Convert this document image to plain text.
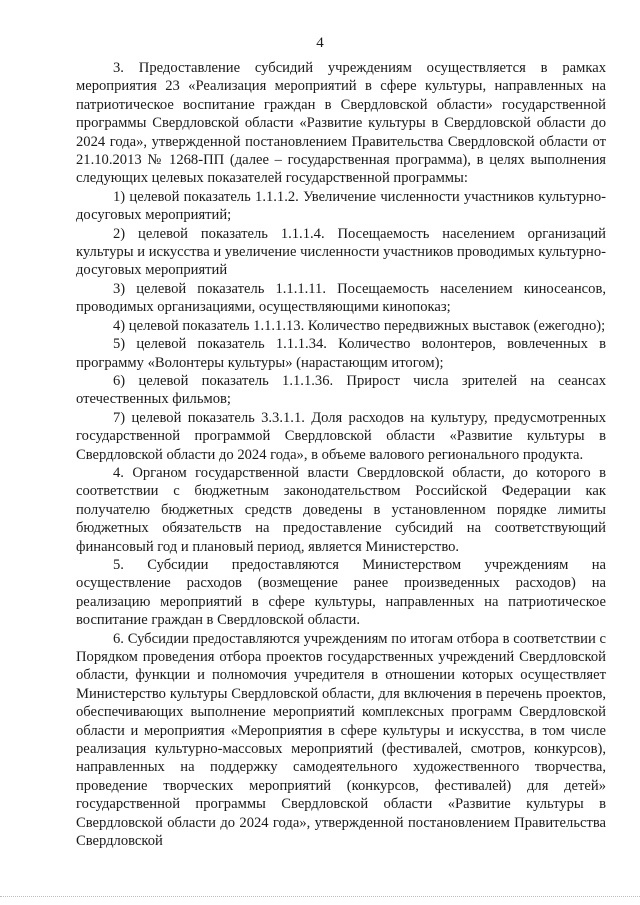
4

3. Предоставление субсидий учреждениям осуществляется в рамках мероприятия 23 «Реализация мероприятий в сфере культуры, направленных на патриотическое воспитание граждан в Свердловской области» государственной программы Свердловской области «Развитие культуры в Свердловской области до 2024 года», утвержденной постановлением Правительства Свердловской области от 21.10.2013 № 1268-ПП (далее – государственная программа), в целях выполнения следующих целевых показателей государственной программы:

1) целевой показатель 1.1.1.2. Увеличение численности участников культурно-досуговых мероприятий;

2) целевой показатель 1.1.1.4. Посещаемость населением организаций культуры и искусства и увеличение численности участников проводимых культурно-досуговых мероприятий

3) целевой показатель 1.1.1.11. Посещаемость населением киносеансов, проводимых организациями, осуществляющими кинопоказ;

4) целевой показатель 1.1.1.13. Количество передвижных выставок (ежегодно);

5) целевой показатель 1.1.1.34. Количество волонтеров, вовлеченных в программу «Волонтеры культуры» (нарастающим итогом);

6) целевой показатель 1.1.1.36. Прирост числа зрителей на сеансах отечественных фильмов;

7) целевой показатель 3.3.1.1. Доля расходов на культуру, предусмотренных государственной программой Свердловской области «Развитие культуры в Свердловской области до 2024 года», в объеме валового регионального продукта.

4. Органом государственной власти Свердловской области, до которого в соответствии с бюджетным законодательством Российской Федерации как получателю бюджетных средств доведены в установленном порядке лимиты бюджетных обязательств на предоставление субсидий на соответствующий финансовый год и плановый период, является Министерство.

5. Субсидии предоставляются Министерством учреждениям на осуществление расходов (возмещение ранее произведенных расходов) на реализацию мероприятий в сфере культуры, направленных на патриотическое воспитание граждан в Свердловской области.

6. Субсидии предоставляются учреждениям по итогам отбора в соответствии с Порядком проведения отбора проектов государственных учреждений Свердловской области, функции и полномочия учредителя в отношении которых осуществляет Министерство культуры Свердловской области, для включения в перечень проектов, обеспечивающих выполнение мероприятий комплексных программ Свердловской области и мероприятия «Мероприятия в сфере культуры и искусства, в том числе реализация культурно-массовых мероприятий (фестивалей, смотров, конкурсов), направленных на поддержку самодеятельного художественного творчества, проведение творческих мероприятий (конкурсов, фестивалей) для детей» государственной программы Свердловской области «Развитие культуры в Свердловской области до 2024 года», утвержденной постановлением Правительства Свердловской
